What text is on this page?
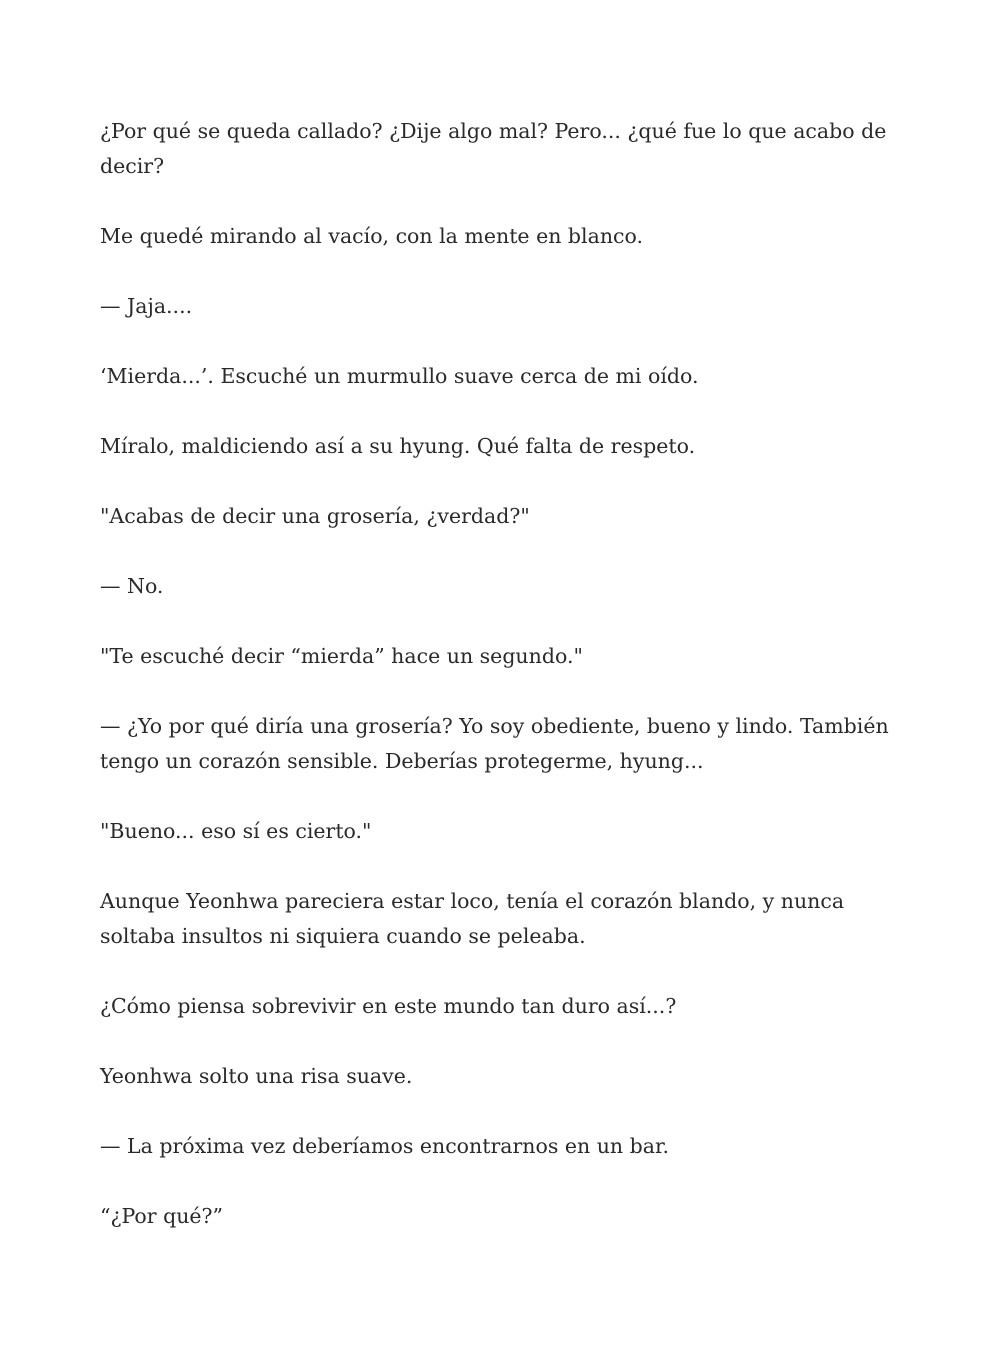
¿Por qué se queda callado? ¿Dije algo mal? Pero... ¿qué fue lo que acabo de decir?

Me quedé mirando al vacío, con la mente en blanco.

— Jaja....

‘Mierda...’. Escuché un murmullo suave cerca de mi oído.

Míralo, maldiciendo así a su hyung. Qué falta de respeto.

"Acabas de decir una grosería, ¿verdad?"

— No.

"Te escuché decir “mierda” hace un segundo."

— ¿Yo por qué diría una grosería? Yo soy obediente, bueno y lindo. También tengo un corazón sensible. Deberías protegerme, hyung...

"Bueno... eso sí es cierto."

Aunque Yeonhwa pareciera estar loco, tenía el corazón blando, y nunca soltaba insultos ni siquiera cuando se peleaba.

¿Cómo piensa sobrevivir en este mundo tan duro así...?

Yeonhwa solto una risa suave.

— La próxima vez deberíamos encontrarnos en un bar.

“¿Por qué?”
